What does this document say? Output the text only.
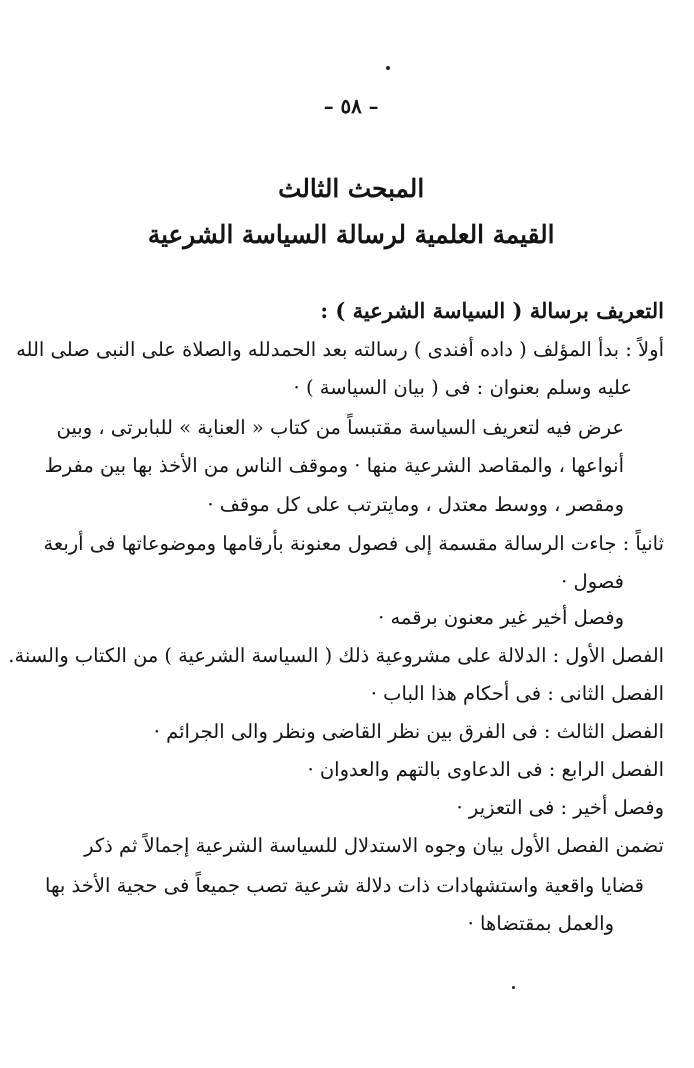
– ٥٨ –
المبحث الثالث
القيمة العلمية لرسالة السياسة الشرعية
التعريف برسالة ( السياسة الشرعية ) :
أولاً : بدأ المؤلف ( داده أفندى ) رسالته بعد الحمدلله والصلاة على النبى صلى الله
عليه وسلم بعنوان : فى ( بيان السياسة ) ·
عرض فيه لتعريف السياسة مقتبساً من كتاب « العناية » للبابرتى ، وبين
أنواعها ، والمقاصد الشرعية منها · وموقف الناس من الأخذ بها بين مفرط
ومقصر ، ووسط معتدل ، ومايترتب على كل موقف ·
ثانياً : جاءت الرسالة مقسمة إلى فصول معنونة بأرقامها وموضوعاتها فى أربعة
فصول ·
وفصل أخير غير معنون برقمه ·
الفصل الأول : الدلالة على مشروعية ذلك ( السياسة الشرعية ) من الكتاب والسنة.
الفصل الثانى : فى أحكام هذا الباب ·
الفصل الثالث : فى الفرق بين نظر القاضى ونظر والى الجرائم ·
الفصل الرابع : فى الدعاوى بالتهم والعدوان ·
وفصل أخير : فى التعزير ·
تضمن الفصل الأول بيان وجوه الاستدلال للسياسة الشرعية إجمالاً ثم ذكر
قضايا واقعية واستشهادات ذات دلالة شرعية تصب جميعاً فى حجية الأخذ بها
والعمل بمقتضاها ·
